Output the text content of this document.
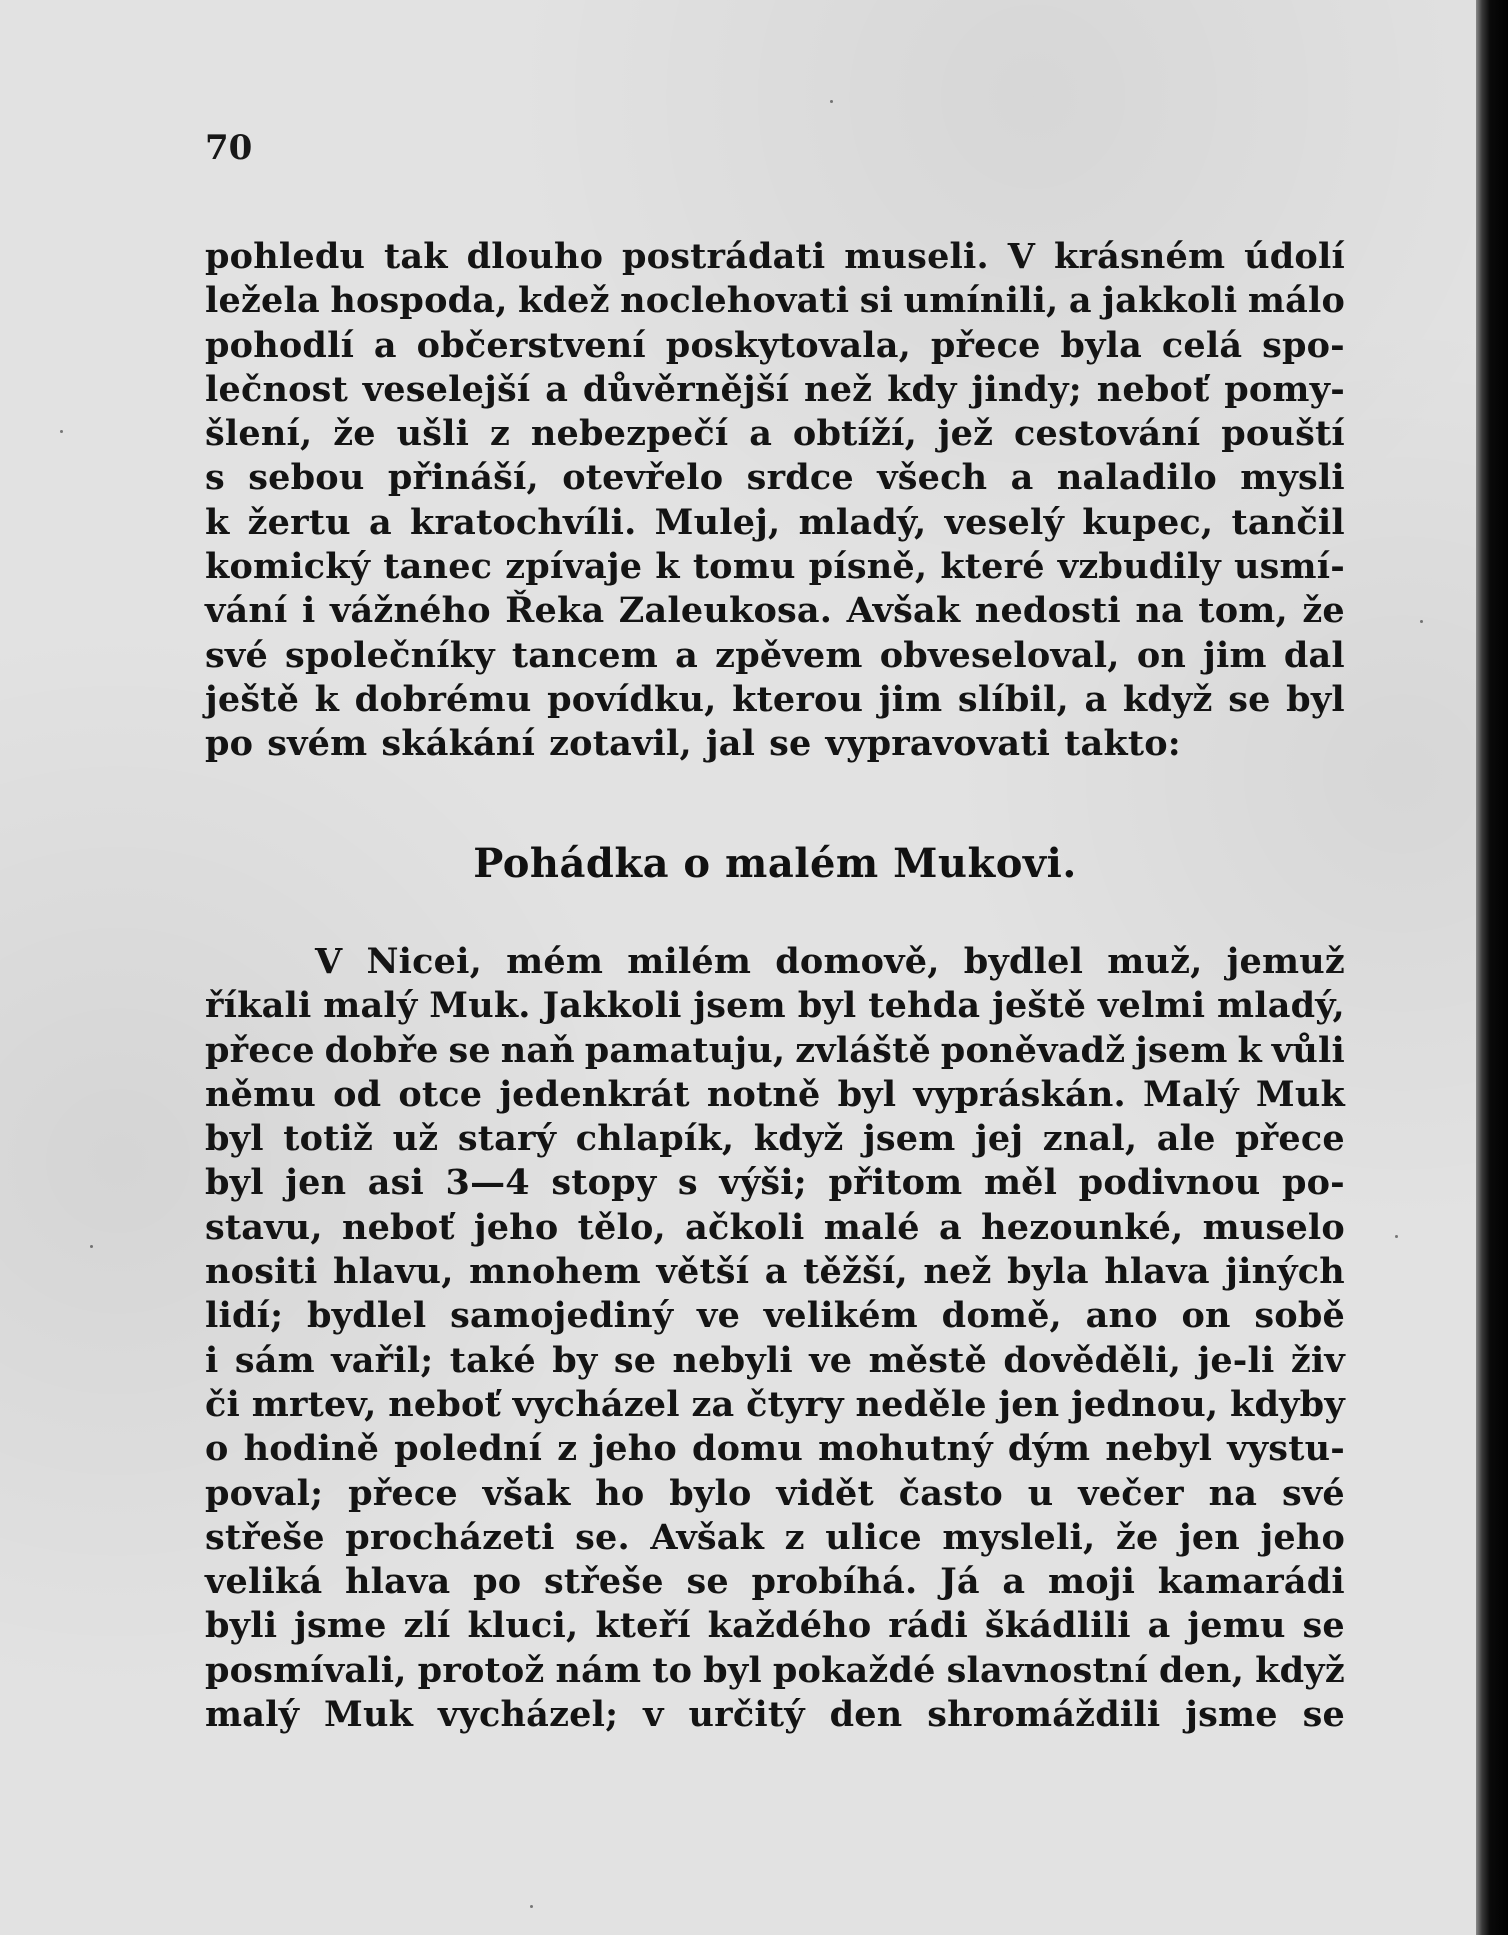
70
pohledu tak dlouho postrádati museli. V krásném údolí
ležela hospoda, kdež noclehovati si umínili, a jakkoli málo
pohodlí a občerstvení poskytovala, přece byla celá spo-
lečnost veselejší a důvěrnější než kdy jindy; neboť pomy-
šlení, že ušli z nebezpečí a obtíží, jež cestování pouští
s sebou přináší, otevřelo srdce všech a naladilo mysli
k žertu a kratochvíli. Mulej, mladý, veselý kupec, tančil
komický tanec zpívaje k tomu písně, které vzbudily usmí-
vání i vážného Řeka Zaleukosa. Avšak nedosti na tom, že
své společníky tancem a zpěvem obveseloval, on jim dal
ještě k dobrému povídku, kterou jim slíbil, a když se byl
po svém skákání zotavil, jal se vypravovati takto:
Pohádka o malém Mukovi.
V Nicei, mém milém domově, bydlel muž, jemuž
říkali malý Muk. Jakkoli jsem byl tehda ještě velmi mladý,
přece dobře se naň pamatuju, zvláště poněvadž jsem k vůli
němu od otce jedenkrát notně byl vypráskán. Malý Muk
byl totiž už starý chlapík, když jsem jej znal, ale přece
byl jen asi 3—4 stopy s výši; přitom měl podivnou po-
stavu, neboť jeho tělo, ačkoli malé a hezounké, muselo
nositi hlavu, mnohem větší a těžší, než byla hlava jiných
lidí; bydlel samojediný ve velikém domě, ano on sobě
i sám vařil; také by se nebyli ve městě dověděli, je-li živ
či mrtev, neboť vycházel za čtyry neděle jen jednou, kdyby
o hodině polední z jeho domu mohutný dým nebyl vystu-
poval; přece však ho bylo vidět často u večer na své
střeše procházeti se. Avšak z ulice mysleli, že jen jeho
veliká hlava po střeše se probíhá. Já a moji kamarádi
byli jsme zlí kluci, kteří každého rádi škádlili a jemu se
posmívali, protož nám to byl pokaždé slavnostní den, když
malý Muk vycházel; v určitý den shromáždili jsme se
